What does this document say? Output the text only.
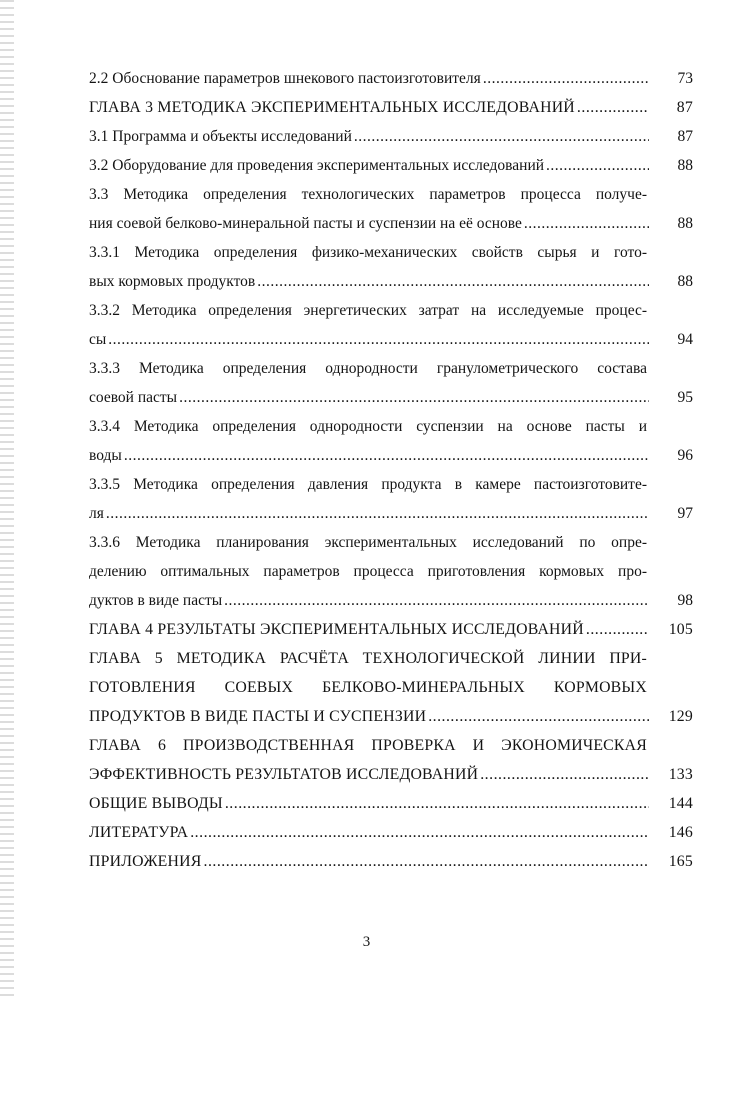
2.2 Обоснование параметров шнекового пастоизготовителя .....	73
ГЛАВА 3 МЕТОДИКА ЭКСПЕРИМЕНТАЛЬНЫХ ИССЛЕДОВАНИЙ .....	87
3.1 Программа и объекты исследований .....	87
3.2 Оборудование для проведения экспериментальных исследований .....	88
3.3 Методика определения технологических параметров процесса получе-
ния соевой белково-минеральной пасты и суспензии на её основе .....	88
3.3.1 Методика определения физико-механических свойств сырья и гото-
вых кормовых продуктов .....	88
3.3.2 Методика определения энергетических затрат на исследуемые процес-
сы .....	94
3.3.3 Методика определения однородности гранулометрического состава
соевой пасты .....	95
3.3.4 Методика определения однородности суспензии на основе пасты и
воды .....	96
3.3.5 Методика определения давления продукта в камере пастоизготовите-
ля .....	97
3.3.6 Методика планирования экспериментальных исследований по опре-
делению оптимальных параметров процесса приготовления кормовых про-
дуктов в виде пасты .....	98
ГЛАВА 4 РЕЗУЛЬТАТЫ ЭКСПЕРИМЕНТАЛЬНЫХ ИССЛЕДОВАНИЙ .....	105
ГЛАВА 5 МЕТОДИКА РАСЧЁТА ТЕХНОЛОГИЧЕСКОЙ ЛИНИИ ПРИ-
ГОТОВЛЕНИЯ СОЕВЫХ БЕЛКОВО-МИНЕРАЛЬНЫХ КОРМОВЫХ
ПРОДУКТОВ В ВИДЕ ПАСТЫ И СУСПЕНЗИИ .....	129
ГЛАВА 6 ПРОИЗВОДСТВЕННАЯ ПРОВЕРКА И ЭКОНОМИЧЕСКАЯ
ЭФФЕКТИВНОСТЬ РЕЗУЛЬТАТОВ ИССЛЕДОВАНИЙ .....	133
ОБЩИЕ ВЫВОДЫ .....	144
ЛИТЕРАТУРА .....	146
ПРИЛОЖЕНИЯ .....	165
3
